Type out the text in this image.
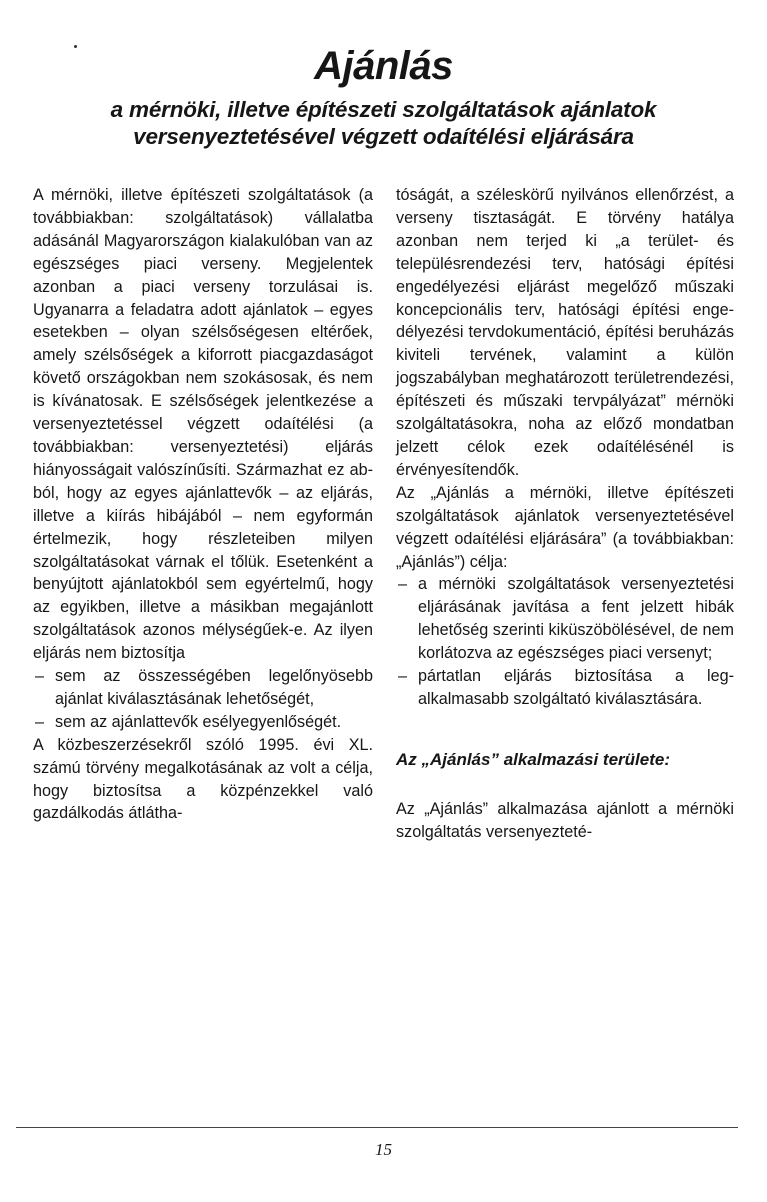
Ajánlás
a mérnöki, illetve építészeti szolgáltatások ajánlatok versenyeztetésével végzett odaítélési eljárására

A mérnöki, illetve építészeti szolgáltatások (a továbbiakban: szolgáltatások) vállalatba adásánál Magyarországon kialakulóban van az egészséges piaci verseny. Megjelentek azonban a piaci verseny torzulásai is. Ugyanarra a feladatra adott ajánlatok – egyes esetekben – olyan szélsőségesen eltérőek, amely szélsőségek a kiforrott piacgazdaságot követő országokban nem szokásosak, és nem is kívánatosak. E szélsőségek jelentkezése a versenyeztetéssel végzett odaítélési (a továbbiakban: versenyeztetési) eljárás hiányosságait valószínűsíti. Származhat ez abból, hogy az egyes ajánlattevők – az eljárás, illetve a kiírás hibájából – nem egyformán értelmezik, hogy részleteiben milyen szolgáltatásokat várnak el tőlük. Esetenként a benyújtott ajánlatokból sem egyértelmű, hogy az egyikben, illetve a másikban megajánlott szolgáltatások azonos mélységűek-e. Az ilyen eljárás nem biztosítja

– sem az összességében legelőnyösebb ajánlat kiválasztásának lehetőségét,
– sem az ajánlattevők esélyegyenlőségét.

A közbeszerzésekről szóló 1995. évi XL. számú törvény megalkotásának az volt a célja, hogy biztosítsa a közpénzekkel való gazdálkodás átlátha-

tóságát, a széleskörű nyilvános ellenőrzést, a verseny tisztaságát. E törvény hatálya azonban nem terjed ki „a terület- és településrendezési terv, hatósági építési engedélyezési eljárást megelőző műszaki koncepcionális terv, hatósági építési engedélyezési tervdokumentáció, építési beruházás kiviteli tervének, valamint a külön jogszabályban meghatározott területrendezési, építészeti és műszaki tervpályázat” mérnöki szolgáltatásokra, noha az előző mondatban jelzett célok ezek odaítélésénél is érvényesítendők.

Az „Ajánlás a mérnöki, illetve építészeti szolgáltatások ajánlatok versenyeztetésével végzett odaítélési eljárására” (a továbbiakban: „Ajánlás”) célja:

– a mérnöki szolgáltatások versenyeztetési eljárásának javítása a fent jelzett hibák lehetőség szerinti kiküszöbölésével, de nem korlátozva az egészséges piaci versenyt;
– pártatlan eljárás biztosítása a legalkalmasabb szolgáltató kiválasztására.

Az „Ajánlás” alkalmazási területe:

Az „Ajánlás” alkalmazása ajánlott a mérnöki szolgáltatás versenyezteté-

15
